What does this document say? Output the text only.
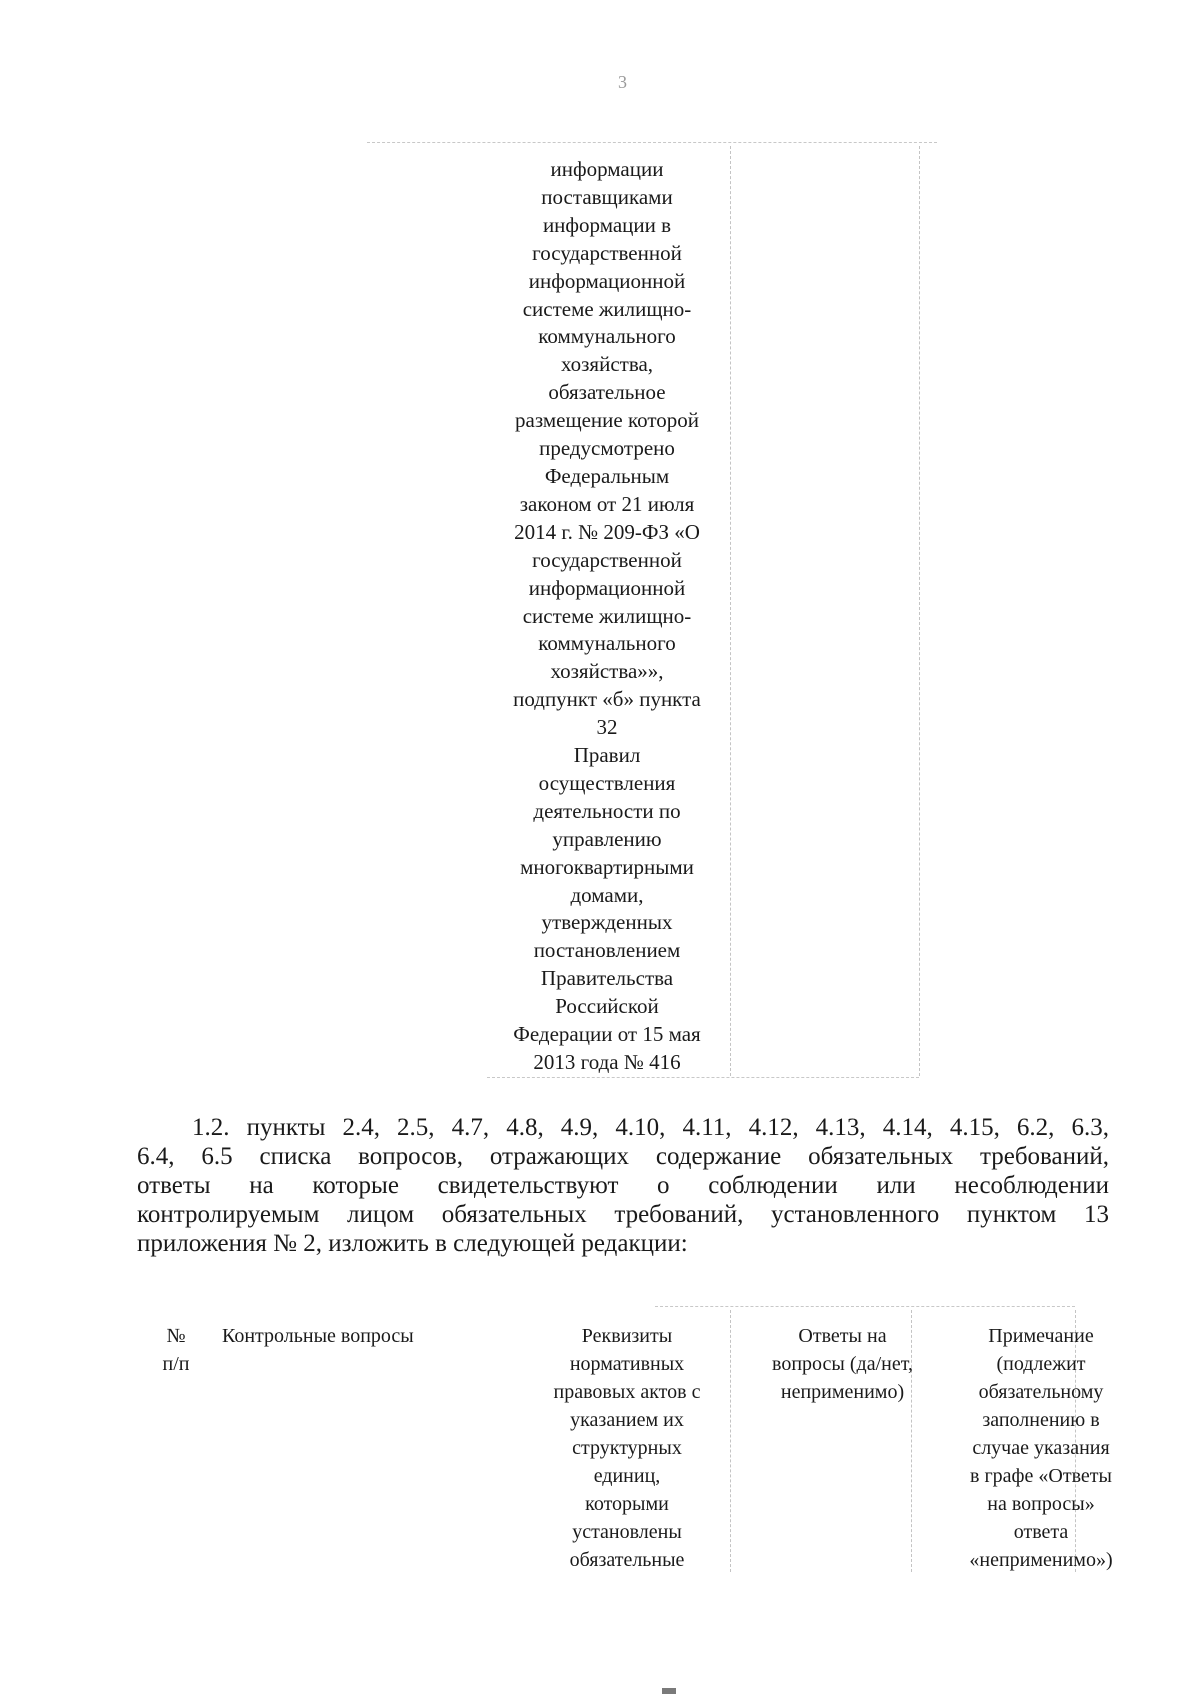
3
информации
поставщиками
информации в
государственной
информационной
системе жилищно-
коммунального
хозяйства,
обязательное
размещение которой
предусмотрено
Федеральным
законом от 21 июля
2014 г. № 209-ФЗ «О
государственной
информационной
системе жилищно-
коммунального
хозяйства»»,
подпункт «б» пункта
32
Правил
осуществления
деятельности по
управлению
многоквартирными
домами,
утвержденных
постановлением
Правительства
Российской
Федерации от 15 мая
2013 года № 416
1.2. пункты 2.4, 2.5, 4.7, 4.8, 4.9, 4.10, 4.11, 4.12, 4.13, 4.14, 4.15, 6.2, 6.3,
6.4, 6.5 списка вопросов, отражающих содержание обязательных требований,
ответы на которые свидетельствуют о соблюдении или несоблюдении
контролируемым лицом обязательных требований, установленного пунктом 13
приложения № 2, изложить в следующей редакции:
№
п/п
Контрольные вопросы	Реквизиты
нормативных
правовых актов с
указанием их
структурных
единиц,
которыми
установлены
обязательные
Ответы на
вопросы (да/нет,
неприменимо)
Примечание
(подлежит
обязательному
заполнению в
случае указания
в графе «Ответы
на вопросы»
ответа
«неприменимо»)
